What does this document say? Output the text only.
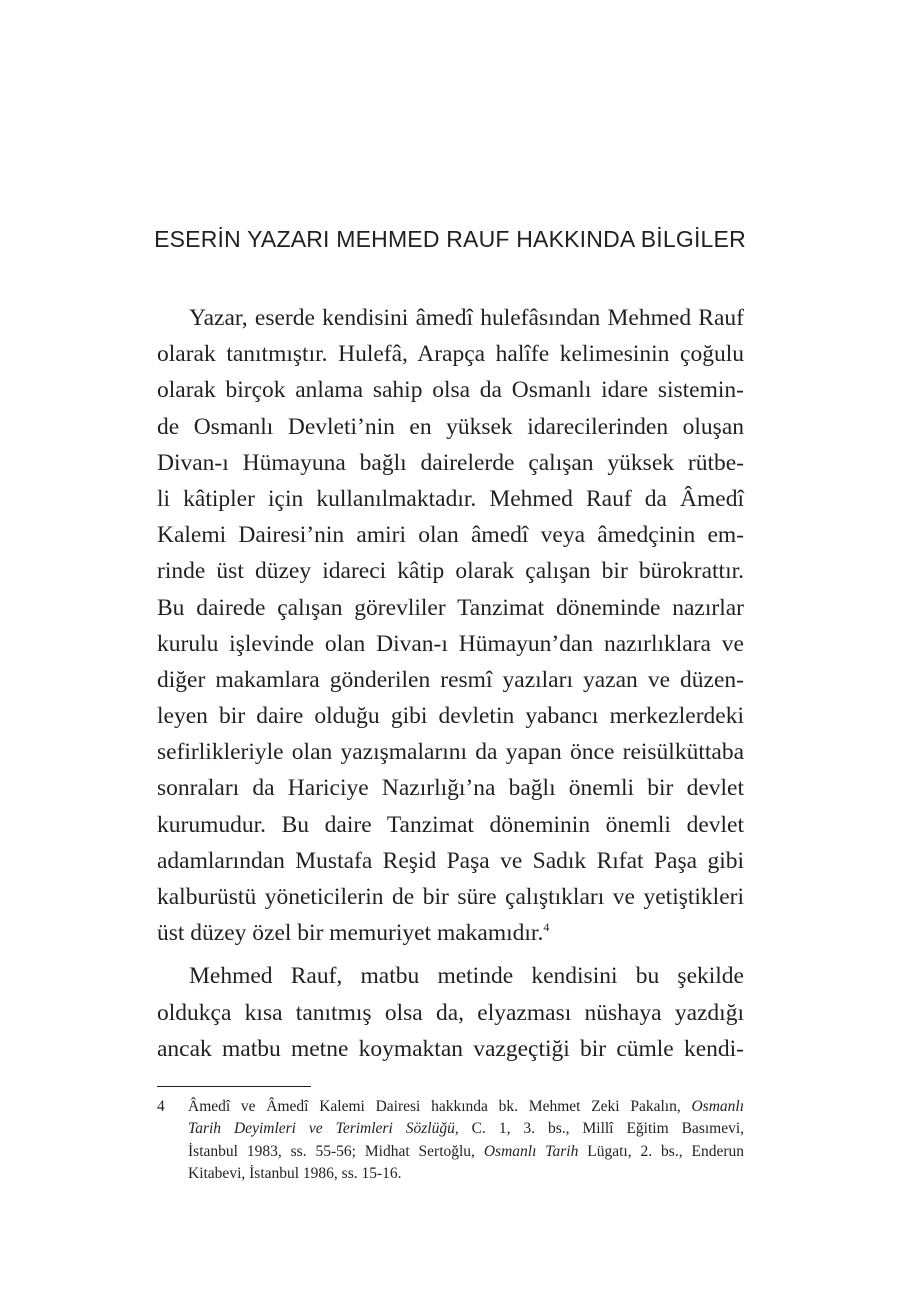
ESERİN YAZARI MEHMED RAUF HAKKINDA BİLGİLER
Yazar, eserde kendisini âmedî hulefâsından Mehmed Rauf
olarak tanıtmıştır. Hulefâ, Arapça halîfe kelimesinin çoğulu
olarak birçok anlama sahip olsa da Osmanlı idare sistemin-
de Osmanlı Devleti’nin en yüksek idarecilerinden oluşan
Divan-ı Hümayuna bağlı dairelerde çalışan yüksek rütbe-
li kâtipler için kullanılmaktadır. Mehmed Rauf da Âmedî
Kalemi Dairesi’nin amiri olan âmedî veya âmedçinin em-
rinde üst düzey idareci kâtip olarak çalışan bir bürokrattır.
Bu dairede çalışan görevliler Tanzimat döneminde nazırlar
kurulu işlevinde olan Divan-ı Hümayun’dan nazırlıklara ve
diğer makamlara gönderilen resmî yazıları yazan ve düzen-
leyen bir daire olduğu gibi devletin yabancı merkezlerdeki
sefirlikleriyle olan yazışmalarını da yapan önce reisülküttaba
sonraları da Hariciye Nazırlığı’na bağlı önemli bir devlet
kurumudur. Bu daire Tanzimat döneminin önemli devlet
adamlarından Mustafa Reşid Paşa ve Sadık Rıfat Paşa gibi
kalburüstü yöneticilerin de bir süre çalıştıkları ve yetiştikleri
üst düzey özel bir memuriyet makamıdır.$^4$
Mehmed Rauf, matbu metinde kendisini bu şekilde
oldukça kısa tanıtmış olsa da, elyazması nüshaya yazdığı
ancak matbu metne koymaktan vazgeçtiği bir cümle kendi-
4 Âmedî ve Âmedî Kalemi Dairesi hakkında bk. Mehmet Zeki Pakalın, Osmanlı
Tarih Deyimleri ve Terimleri Sözlüğü, C. 1, 3. bs., Millî Eğitim Basımevi,
İstanbul 1983, ss. 55-56; Midhat Sertoğlu, Osmanlı Tarih Lügatı, 2. bs., Enderun
Kitabevi, İstanbul 1986, ss. 15-16.
